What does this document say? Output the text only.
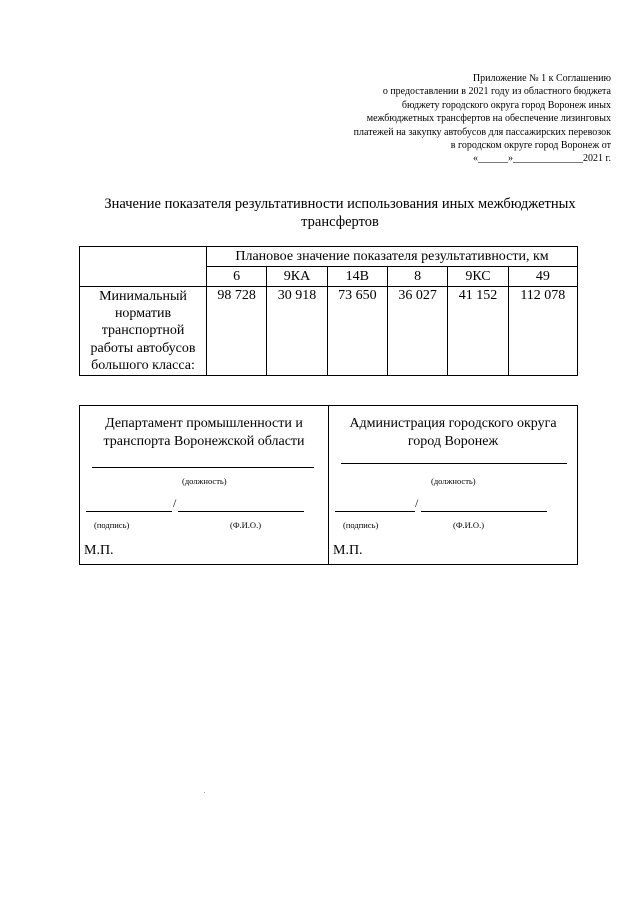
Приложение № 1 к Соглашению
о предоставлении в 2021 году из областного бюджета
бюджету городского округа город Воронеж иных
межбюджетных трансфертов на обеспечение лизинговых
платежей на закупку автобусов для пассажирских перевозок
в городском округе город Воронеж от
«______»______________2021 г.
Значение показателя результативности использования иных межбюджетных трансфертов
	Плановое значение показателя результативности, км					
	6	9КА	14В	8	9КС	49
Минимальный норматив транспортной работы автобусов большого класса:	98 728	30 918	73 650	36 027	41 152	112 078
Департамент промышленности и транспорта Воронежской области
(должность)
/
(подпись)	(Ф.И.О.)
М.П.
Администрация городского округа город Воронеж
(должность)
/
(подпись)	(Ф.И.О.)
М.П.
